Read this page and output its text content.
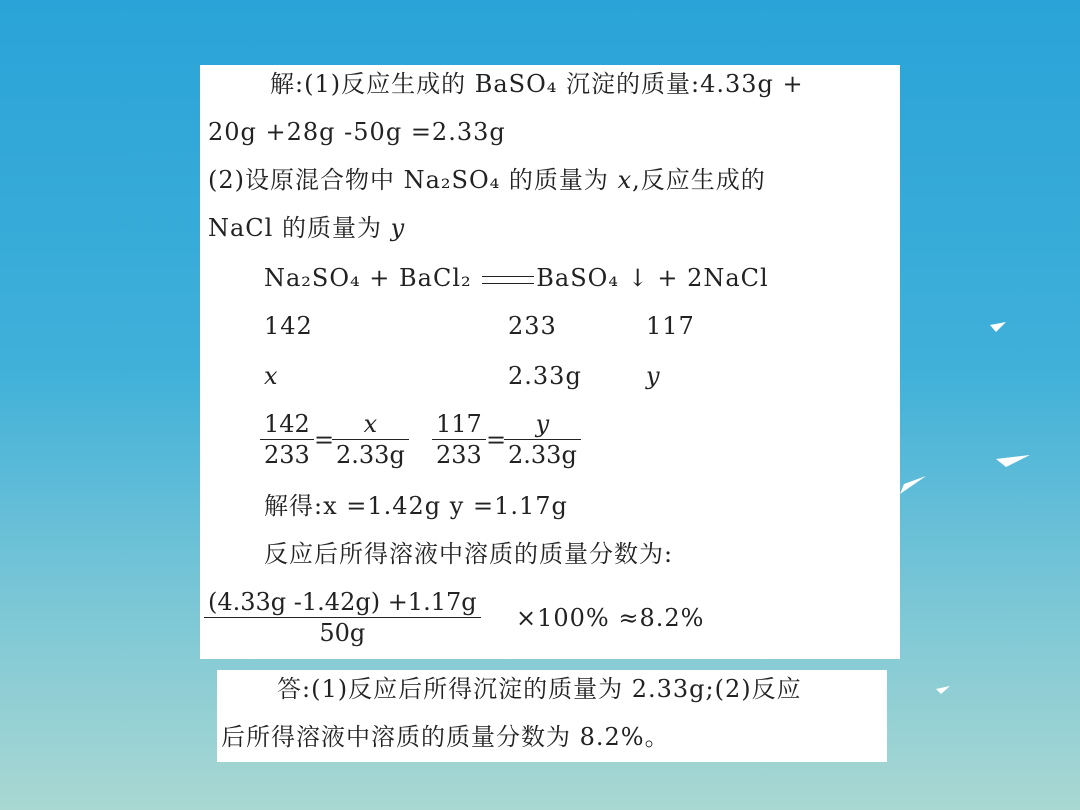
解:(1)反应生成的 BaSO₄ 沉淀的质量:4.33g +
20g +28g -50g =2.33g
(2)设原混合物中 Na₂SO₄ 的质量为 x,反应生成的
NaCl 的质量为 y
Na₂SO₄ + BaCl₂ BaSO₄ ↓ + 2NaCl
142	233	117
x	2.33g	y
$\frac{142}{233}$ =
$\frac{x}{2.33g} \frac{117}{233}$ =
$\frac{y}{2.33g}$
解得:x =1.42g y =1.17g
反应后所得溶液中溶质的质量分数为:
$\frac{(4.33g -1.42g) +1.17g}{50g} \times 100\% \approx 8.2\%$
答:(1)反应后所得沉淀的质量为 2.33g;(2)反应
后所得溶液中溶质的质量分数为 8.2%。
